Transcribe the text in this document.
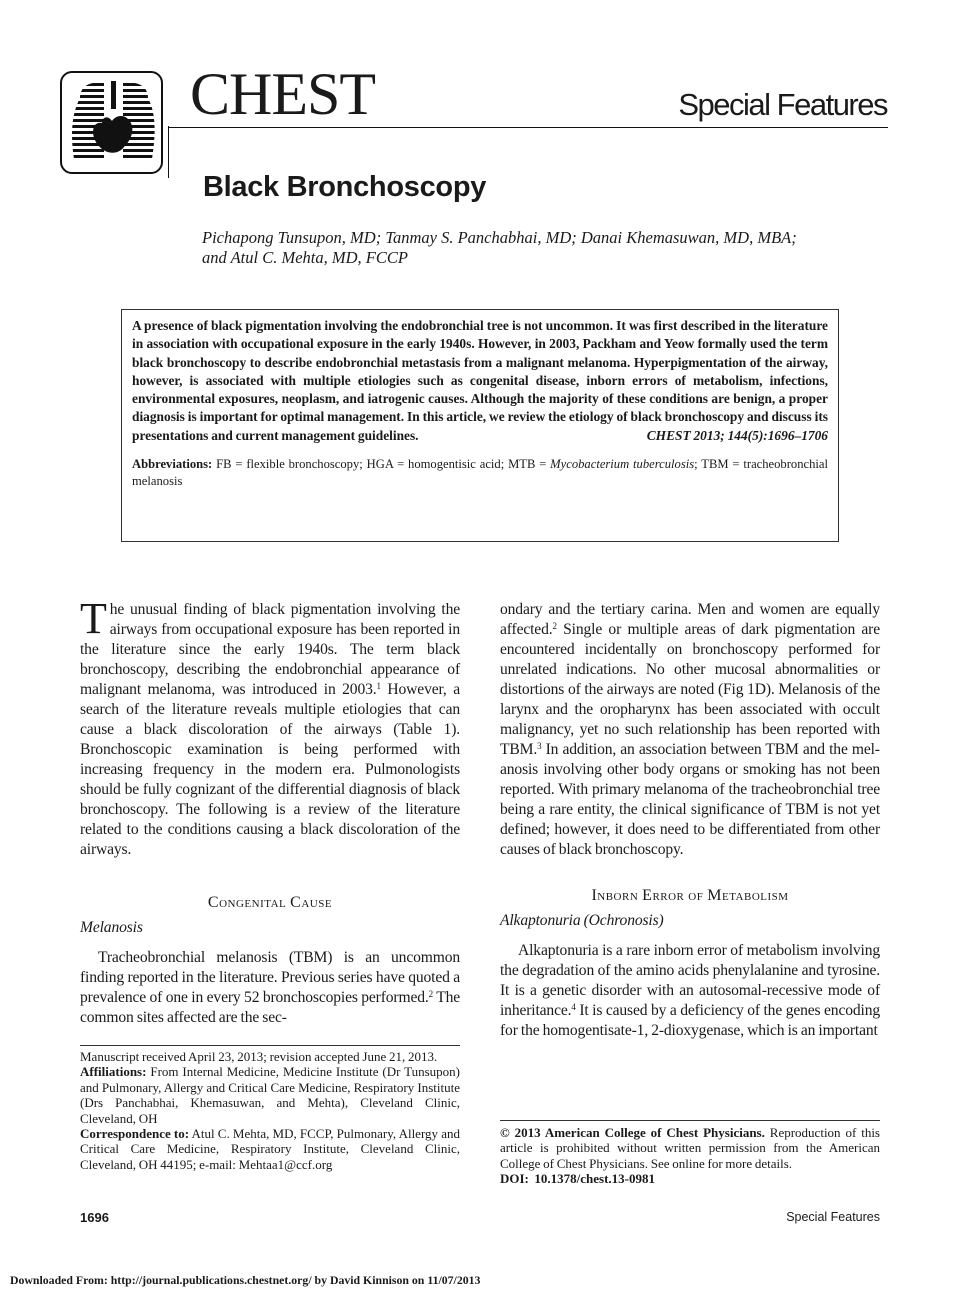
CHEST	Special Features
Black Bronchoscopy
Pichapong Tunsupon, MD; Tanmay S. Panchabhai, MD; Danai Khemasuwan, MD, MBA;
and Atul C. Mehta, MD, FCCP
A presence of black pigmentation involving the endobronchial tree is not uncommon. It was first described in the literature in association with occupational exposure in the early 1940s. However, in 2003, Packham and Yeow formally used the term black bronchoscopy to describe endobronchial metastasis from a malignant melanoma. Hyperpigmentation of the airway, however, is associated with multiple etiologies such as congenital disease, inborn errors of metabolism, infections, environmental exposures, neoplasm, and iatrogenic causes. Although the majority of these conditions are benign, a proper diagnosis is important for optimal management. In this article, we review the etiology of black bronchoscopy and discuss its presentations and current management guidelines.	CHEST 2013; 144(5):1696–1706
Abbreviations: FB = flexible bronchoscopy; HGA = homogentisic acid; MTB = Mycobacterium tuberculosis; TBM = tracheobronchial melanosis

The unusual finding of black pigmentation involving the airways from occupational exposure has been reported in the literature since the early 1940s. The term black bronchoscopy, describing the endobronchial appearance of malignant melanoma, was introduced in 2003.$^1$ However, a search of the literature reveals multiple etiologies that can cause a black discoloration of the airways (Table 1). Bronchoscopic examination is being performed with increasing frequency in the modern era. Pulmonologists should be fully cognizant of the differential diagnosis of black bronchoscopy. The following is a review of the literature related to the conditions causing a black discoloration of the airways.

Congenital Cause

Melanosis

Tracheobronchial melanosis (TBM) is an uncommon finding reported in the literature. Previous series have quoted a prevalence of one in every 52 bronchoscopies performed.$^2$ The common sites affected are the sec-

ondary and the tertiary carina. Men and women are equally affected.$^2$ Single or multiple areas of dark pigmentation are encountered incidentally on bronchoscopy performed for unrelated indications. No other mucosal abnormalities or distortions of the airways are noted (Fig 1D). Melanosis of the larynx and the oropharynx has been associated with occult malignancy, yet no such relationship has been reported with TBM.$^3$ In addition, an association between TBM and the melanosis involving other body organs or smoking has not been reported. With primary melanoma of the tracheobronchial tree being a rare entity, the clinical significance of TBM is not yet defined; however, it does need to be differentiated from other causes of black bronchoscopy.

Inborn Error of Metabolism

Alkaptonuria (Ochronosis)

Alkaptonuria is a rare inborn error of metabolism involving the degradation of the amino acids phenylalanine and tyrosine. It is a genetic disorder with an autosomal-recessive mode of inheritance.$^4$ It is caused by a deficiency of the genes encoding for the homogentisate-1, 2-dioxygenase, which is an important

Manuscript received April 23, 2013; revision accepted June 21, 2013.

Affiliations: From Internal Medicine, Medicine Institute (Dr Tunsupon) and Pulmonary, Allergy and Critical Care Medicine, Respiratory Institute (Drs Panchabhai, Khemasuwan, and Mehta), Cleveland Clinic, Cleveland, OH

Correspondence to: Atul C. Mehta, MD, FCCP, Pulmonary, Allergy and Critical Care Medicine, Respiratory Institute, Cleveland Clinic, Cleveland, OH 44195; e-mail: Mehtaa1@ccf.org

© 2013 American College of Chest Physicians. Reproduction of this article is prohibited without written permission from the American College of Chest Physicians. See online for more details.

DOI: 10.1378/chest.13-0981

1696	Special Features
Downloaded From: http://journal.publications.chestnet.org/ by David Kinnison on 11/07/2013
